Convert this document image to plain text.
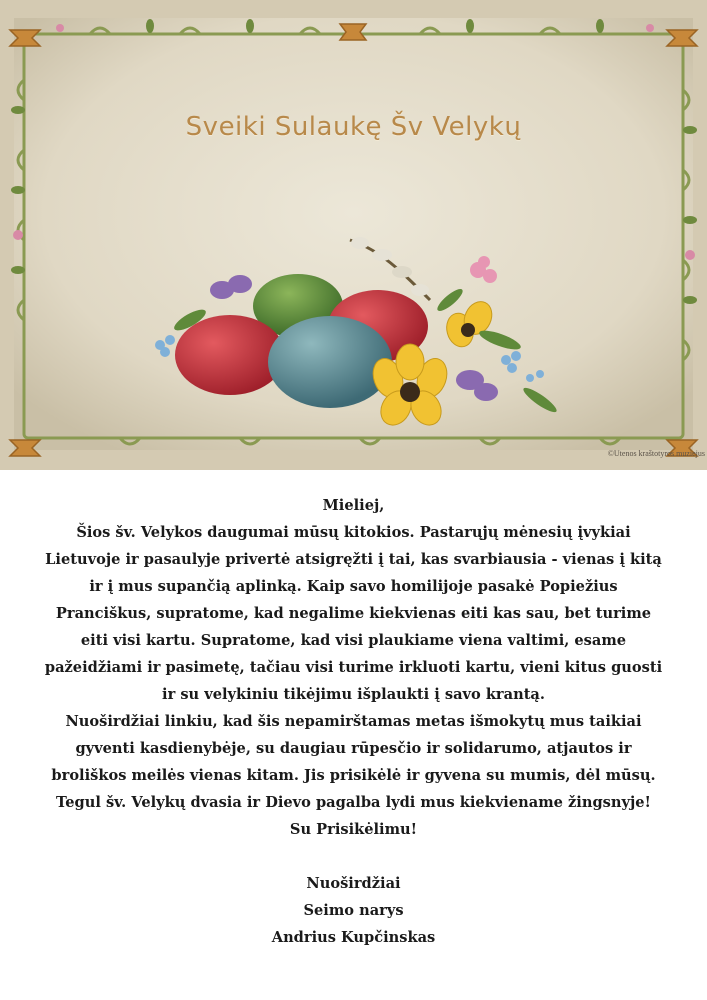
Sveiki Sulaukę Šv Velykų
©Utenos kraštotyros muziejus

Mieliej,

Šios šv. Velykos daugumai mūsų kitokios. Pastarųjų mėnesių įvykiai

Lietuvoje ir pasaulyje privertė atsigręžti į tai, kas svarbiausia - vienas į kitą

ir į mus supančią aplinką. Kaip savo homilijoje pasakė Popiežius

Pranciškus, supratome, kad negalime kiekvienas eiti kas sau, bet turime

eiti visi kartu. Supratome, kad visi plaukiame viena valtimi, esame

pažeidžiami ir pasimetę, tačiau visi turime irkluoti kartu, vieni kitus guosti

ir su velykiniu tikėjimu išplaukti į savo krantą.

Nuoširdžiai linkiu, kad šis nepamirštamas metas išmokytų mus taikiai

gyventi kasdienybėje, su daugiau rūpesčio ir solidarumo, atjautos ir

broliškos meilės vienas kitam. Jis prisikėlė ir gyvena su mumis, dėl mūsų.

Tegul šv. Velykų dvasia ir Dievo pagalba lydi mus kiekviename žingsnyje!

Su Prisikėlimu!

Nuoširdžiai

Seimo narys

Andrius Kupčinskas
